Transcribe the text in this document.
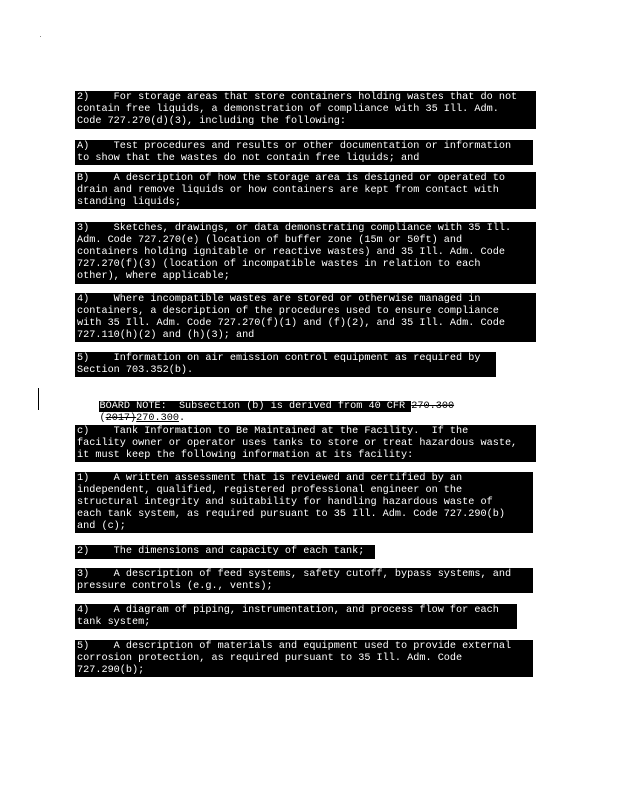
2)    For storage areas that store containers holding wastes that do not
contain free liquids, a demonstration of compliance with 35 Ill. Adm.
Code 727.270(d)(3), including the following:
A)    Test procedures and results or other documentation or information
to show that the wastes do not contain free liquids; and
B)    A description of how the storage area is designed or operated to
drain and remove liquids or how containers are kept from contact with
standing liquids;
3)    Sketches, drawings, or data demonstrating compliance with 35 Ill.
Adm. Code 727.270(e) (location of buffer zone (15m or 50ft) and
containers holding ignitable or reactive wastes) and 35 Ill. Adm. Code
727.270(f)(3) (location of incompatible wastes in relation to each
other), where applicable;
4)    Where incompatible wastes are stored or otherwise managed in
containers, a description of the procedures used to ensure compliance
with 35 Ill. Adm. Code 727.270(f)(1) and (f)(2), and 35 Ill. Adm. Code
727.110(h)(2) and (h)(3); and
5)    Information on air emission control equipment as required by
Section 703.352(b).

BOARD NOTE:  Subsection (b) is derived from 40 CFR 270.300

(2017)270.300.

c)    Tank Information to Be Maintained at the Facility.  If the
facility owner or operator uses tanks to store or treat hazardous waste,
it must keep the following information at its facility:
1)    A written assessment that is reviewed and certified by an
independent, qualified, registered professional engineer on the
structural integrity and suitability for handling hazardous waste of
each tank system, as required pursuant to 35 Ill. Adm. Code 727.290(b)
and (c);
2)    The dimensions and capacity of each tank;
3)    A description of feed systems, safety cutoff, bypass systems, and
pressure controls (e.g., vents);
4)    A diagram of piping, instrumentation, and process flow for each
tank system;
5)    A description of materials and equipment used to provide external
corrosion protection, as required pursuant to 35 Ill. Adm. Code
727.290(b);
